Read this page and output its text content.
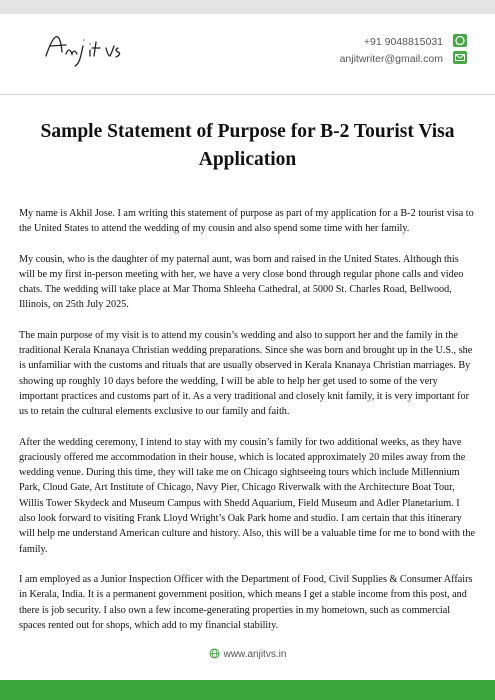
Anjit vs
+91 9048815031
anjitwriter@gmail.com
Sample Statement of Purpose for B-2 Tourist Visa Application

My name is Akhil Jose. I am writing this statement of purpose as part of my application for a B-2 tourist visa to the United States to attend the wedding of my cousin and also spend some time with her family.

My cousin, who is the daughter of my paternal aunt, was born and raised in the United States. Although this will be my first in-person meeting with her, we have a very close bond through regular phone calls and video chats. The wedding will take place at Mar Thoma Shleeha Cathedral, at 5000 St. Charles Road, Bellwood, Illinois, on 25th July 2025.

The main purpose of my visit is to attend my cousin’s wedding and also to support her and the family in the traditional Kerala Knanaya Christian wedding preparations. Since she was born and brought up in the U.S., she is unfamiliar with the customs and rituals that are usually observed in Kerala Knanaya Christian marriages. By showing up roughly 10 days before the wedding, I will be able to help her get used to some of the very important practices and customs part of it. As a very traditional and closely knit family, it is very important for us to retain the cultural elements exclusive to our family and faith.

After the wedding ceremony, I intend to stay with my cousin’s family for two additional weeks, as they have graciously offered me accommodation in their house, which is located approximately 20 miles away from the wedding venue. During this time, they will take me on Chicago sightseeing tours which include Millennium Park, Cloud Gate, Art Institute of Chicago, Navy Pier, Chicago Riverwalk with the Architecture Boat Tour, Willis Tower Skydeck and Museum Campus with Shedd Aquarium, Field Museum and Adler Planetarium. I also look forward to visiting Frank Lloyd Wright’s Oak Park home and studio. I am certain that this itinerary will help me understand American culture and history. Also, this will be a valuable time for me to bond with the family.

I am employed as a Junior Inspection Officer with the Department of Food, Civil Supplies & Consumer Affairs in Kerala, India. It is a permanent government position, which means I get a stable income from this post, and there is job security. I also own a few income-generating properties in my hometown, such as commercial spaces rented out for shops, which add to my financial stability.

www.anjitvs.in
